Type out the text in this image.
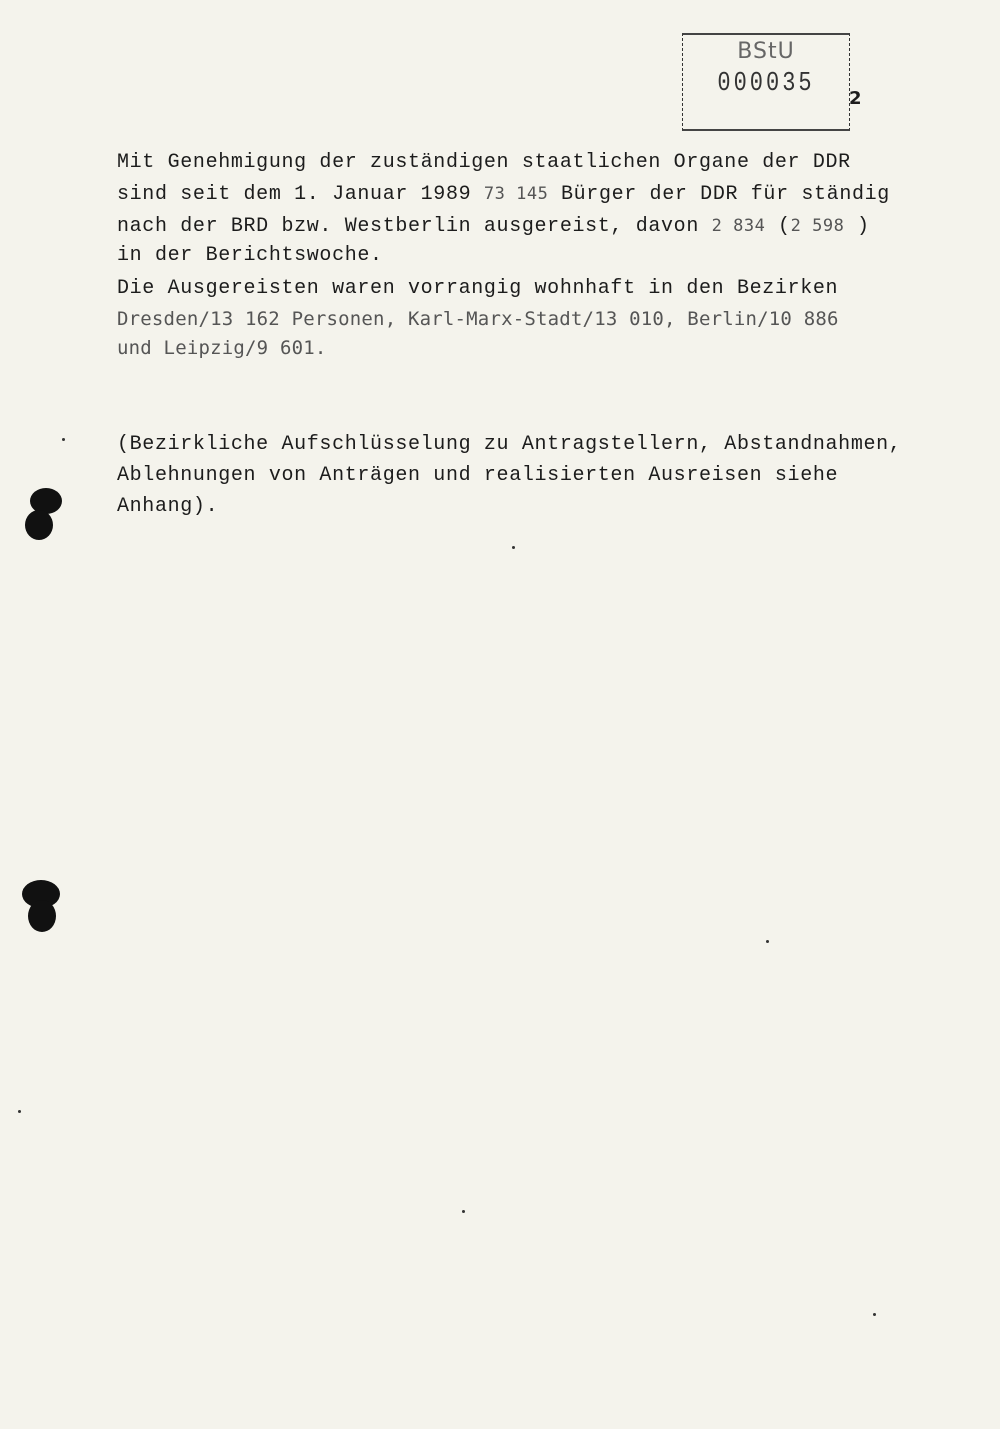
BStU
000035	2
Mit Genehmigung der zuständigen staatlichen Organe der DDR
sind seit dem 1. Januar 1989 73 145 Bürger der DDR für ständig
nach der BRD bzw. Westberlin ausgereist, davon 2 834 (2 598 )
in der Berichtswoche.
Die Ausgereisten waren vorrangig wohnhaft in den Bezirken
Dresden/13 162 Personen, Karl-Marx-Stadt/13 010, Berlin/10 886
und Leipzig/9 601.
(Bezirkliche Aufschlüsselung zu Antragstellern, Abstandnahmen,
Ablehnungen von Anträgen und realisierten Ausreisen siehe
Anhang).
